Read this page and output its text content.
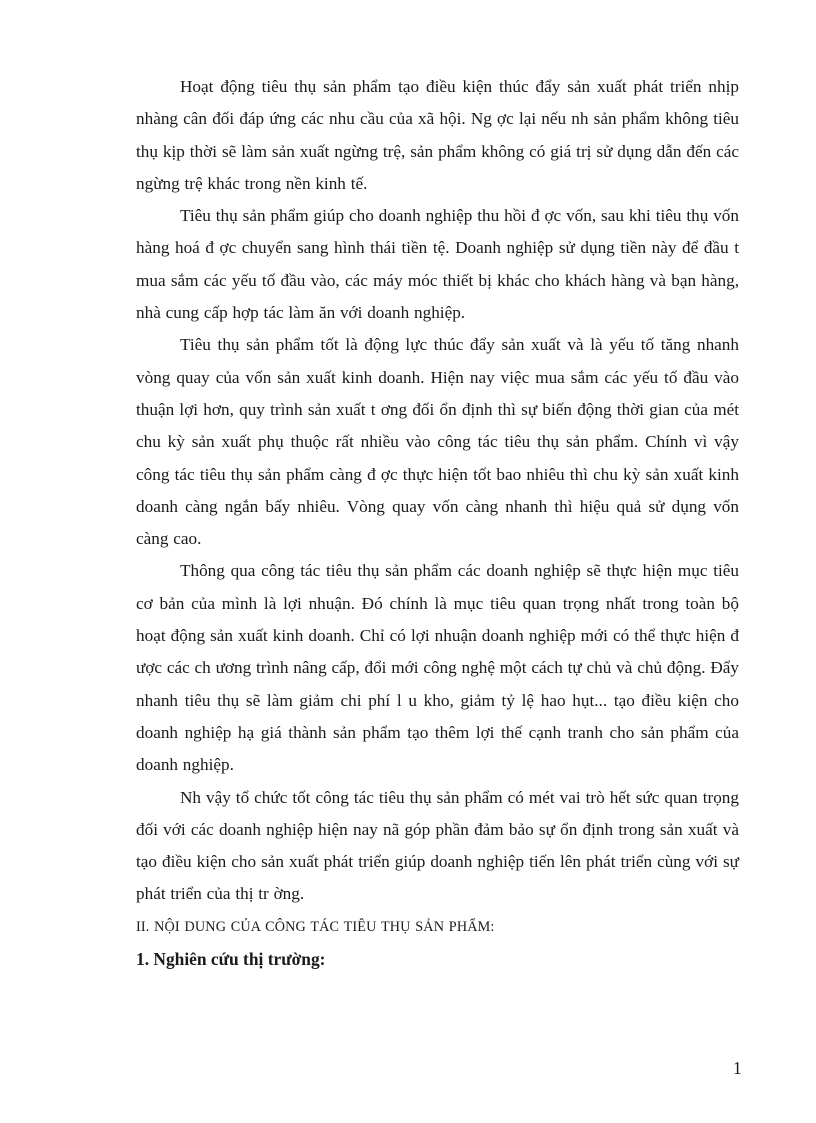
Hoạt động tiêu thụ sản phẩm tạo điều kiện thúc đẩy sản xuất phát triển nhịp nhàng cân đối đáp ứng các nhu cầu của xã hội. Ng ợc lại nếu nh sản phẩm không tiêu thụ kịp thời sẽ làm sản xuất ngừng trệ, sản phẩm không có giá trị sử dụng dẫn đến các ngừng trệ khác trong nền kinh tế.

Tiêu thụ sản phẩm giúp cho doanh nghiệp thu hồi đ ợc vốn, sau khi tiêu thụ vốn hàng hoá đ ợc chuyển sang hình thái tiền tệ. Doanh nghiệp sử dụng tiền này để đầu t mua sắm các yếu tố đầu vào, các máy móc thiết bị khác cho khách hàng và bạn hàng, nhà cung cấp hợp tác làm ăn với doanh nghiệp.

Tiêu thụ sản phẩm tốt là động lực thúc đẩy sản xuất và là yếu tố tăng nhanh vòng quay của vốn sản xuất kinh doanh. Hiện nay việc mua sắm các yếu tố đầu vào thuận lợi hơn, quy trình sản xuất t ơng đối ổn định thì sự biến động thời gian của mét chu kỳ sản xuất phụ thuộc rất nhiều vào công tác tiêu thụ sản phẩm. Chính vì vậy công tác tiêu thụ sản phẩm càng đ ợc thực hiện tốt bao nhiêu thì chu kỳ sản xuất kinh doanh càng ngắn bấy nhiêu. Vòng quay vốn càng nhanh thì hiệu quả sử dụng vốn càng cao.

Thông qua công tác tiêu thụ sản phẩm các doanh nghiệp sẽ thực hiện mục tiêu cơ bản của mình là lợi nhuận. Đó chính là mục tiêu quan trọng nhất trong toàn bộ hoạt động sản xuất kinh doanh. Chỉ có lợi nhuận doanh nghiệp mới có thể thực hiện đ ược các ch ương trình nâng cấp, đổi mới công nghệ một cách tự chủ và chủ động. Đẩy nhanh tiêu thụ sẽ làm giảm chi phí l u kho, giảm tỷ lệ hao hụt... tạo điều kiện cho doanh nghiệp hạ giá thành sản phẩm tạo thêm lợi thế cạnh tranh cho sản phẩm của doanh nghiệp.

Nh vậy tổ chức tốt công tác tiêu thụ sản phẩm có mét vai trò hết sức quan trọng đối với các doanh nghiệp hiện nay nã góp phần đảm bảo sự ổn định trong sản xuất và tạo điều kiện cho sản xuất phát triển giúp doanh nghiệp tiến lên phát triển cùng với sự phát triển của thị tr ờng.

II. NỘI DUNG CỦA CÔNG TÁC TIÊU THỤ SẢN PHẨM:

1. Nghiên cứu thị trường:

1
